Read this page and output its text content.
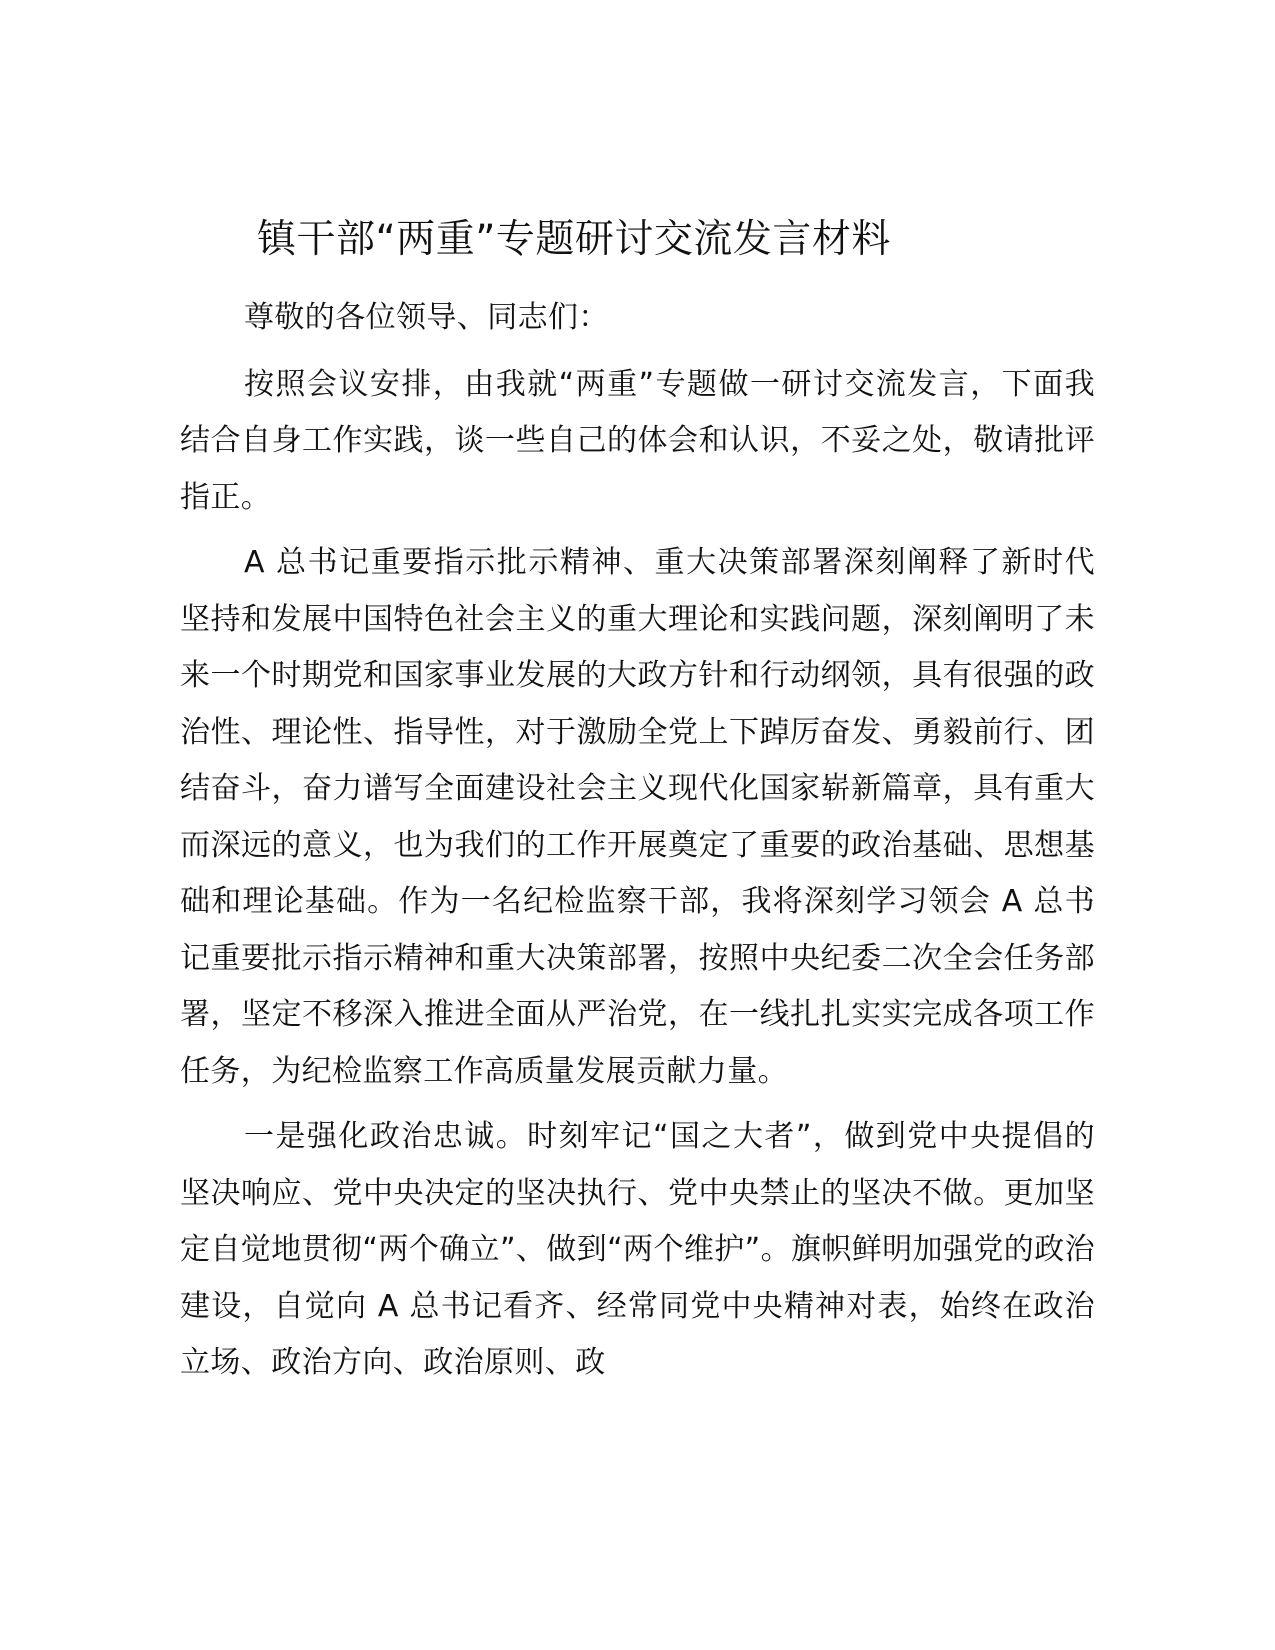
镇干部“两重”专题研讨交流发言材料

尊敬的各位领导、同志们：

按照会议安排，由我就“两重”专题做一研讨交流发言，下面我结合自身工作实践，谈一些自己的体会和认识，不妥之处，敬请批评指正。

A 总书记重要指示批示精神、重大决策部署深刻阐释了新时代坚持和发展中国特色社会主义的重大理论和实践问题，深刻阐明了未来一个时期党和国家事业发展的大政方针和行动纲领，具有很强的政治性、理论性、指导性，对于激励全党上下踔厉奋发、勇毅前行、团结奋斗，奋力谱写全面建设社会主义现代化国家崭新篇章，具有重大而深远的意义，也为我们的工作开展奠定了重要的政治基础、思想基础和理论基础。作为一名纪检监察干部，我将深刻学习领会 A 总书记重要批示指示精神和重大决策部署，按照中央纪委二次全会任务部署，坚定不移深入推进全面从严治党，在一线扎扎实实完成各项工作任务，为纪检监察工作高质量发展贡献力量。

一是强化政治忠诚。时刻牢记“国之大者”，做到党中央提倡的坚决响应、党中央决定的坚决执行、党中央禁止的坚决不做。更加坚定自觉地贯彻“两个确立”、做到“两个维护”。旗帜鲜明加强党的政治建设，自觉向 A 总书记看齐、经常同党中央精神对表，始终在政治立场、政治方向、政治原则、政
